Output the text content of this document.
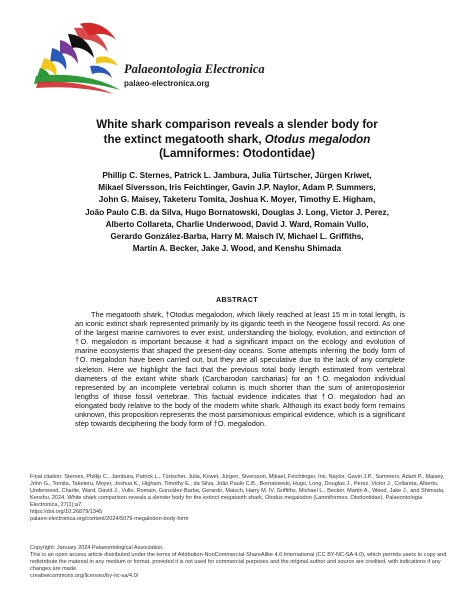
Palaeontologia Electronica
palaeo-electronica.org
White shark comparison reveals a slender body for
the extinct megatooth shark, Otodus megalodon
(Lamniformes: Otodontidae)
Phillip C. Sternes, Patrick L. Jambura, Julia Türtscher, Jürgen Kriwet,
Mikael Siversson, Iris Feichtinger, Gavin J.P. Naylor, Adam P. Summers,
John G. Maisey, Taketeru Tomita, Joshua K. Moyer, Timothy E. Higham,
João Paulo C.B. da Silva, Hugo Bornatowski, Douglas J. Long, Victor J. Perez,
Alberto Collareta, Charlie Underwood, David J. Ward, Romain Vullo,
Gerardo González-Barba, Harry M. Maisch IV, Michael L. Griffiths,
Martin A. Becker, Jake J. Wood, and Kenshu Shimada
ABSTRACT
The megatooth shark, †Otodus megalodon, which likely reached at least 15 m in total length, is an iconic extinct shark represented primarily by its gigantic teeth in the Neogene fossil record. As one of the largest marine carnivores to ever exist, understanding the biology, evolution, and extinction of †O. megalodon is important because it had a significant impact on the ecology and evolution of marine ecosystems that shaped the present-day oceans. Some attempts inferring the body form of †O. megalodon have been carried out, but they are all speculative due to the lack of any complete skeleton. Here we highlight the fact that the previous total body length estimated from vertebral diameters of the extant white shark (Carcharodon carcharias) for an †O. megalodon individual represented by an incomplete vertebral column is much shorter than the sum of anteroposterior lengths of those fossil vertebrae. This factual evidence indicates that †O. megalodon had an elongated body relative to the body of the modern white shark. Although its exact body form remains unknown, this proposition represents the most parsimonious empirical evidence, which is a significant step towards deciphering the body form of †O. megalodon.

Final citation: Sternes, Phillip C., Jambura, Patrick L., Türtscher, Julia, Kriwet, Jürgen, Siversson, Mikael, Feichtinger, Iris, Naylor, Gavin J.P., Summers, Adam P., Maisey, John G., Tomita, Taketeru, Moyer, Joshua K., Higham, Timothy E., da Silva, João Paulo C.B., Bornatowski, Hugo, Long, Douglas J., Perez, Victor J., Collareta, Alberto, Underwood, Charlie, Ward, David J., Vullo, Romain, González-Barba, Gerardo, Maisch, Harry M. IV, Griffiths, Michael L., Becker, Martin A., Wood, Jake J., and Shimada, Kenshu. 2024. White shark comparison reveals a slender body for the extinct megatooth shark, Otodus megalodon (Lamniformes: Otodontidae). Palaeontologia Electronica, 27(1):a7.

https://doi.org/10.26879/1345

palaeo-electronica.org/content/2024/5079-megalodon-body-form

Copyright: January 2024 Palaeontological Association.

This is an open access article distributed under the terms of Attribution-NonCommercial-ShareAlike 4.0 International (CC BY-NC-SA 4.0), which permits users to copy and redistribute the material in any medium or format, provided it is not used for commercial purposes and the original author and source are credited, with indications if any changes are made.

creativecommons.org/licenses/by-nc-sa/4.0/
